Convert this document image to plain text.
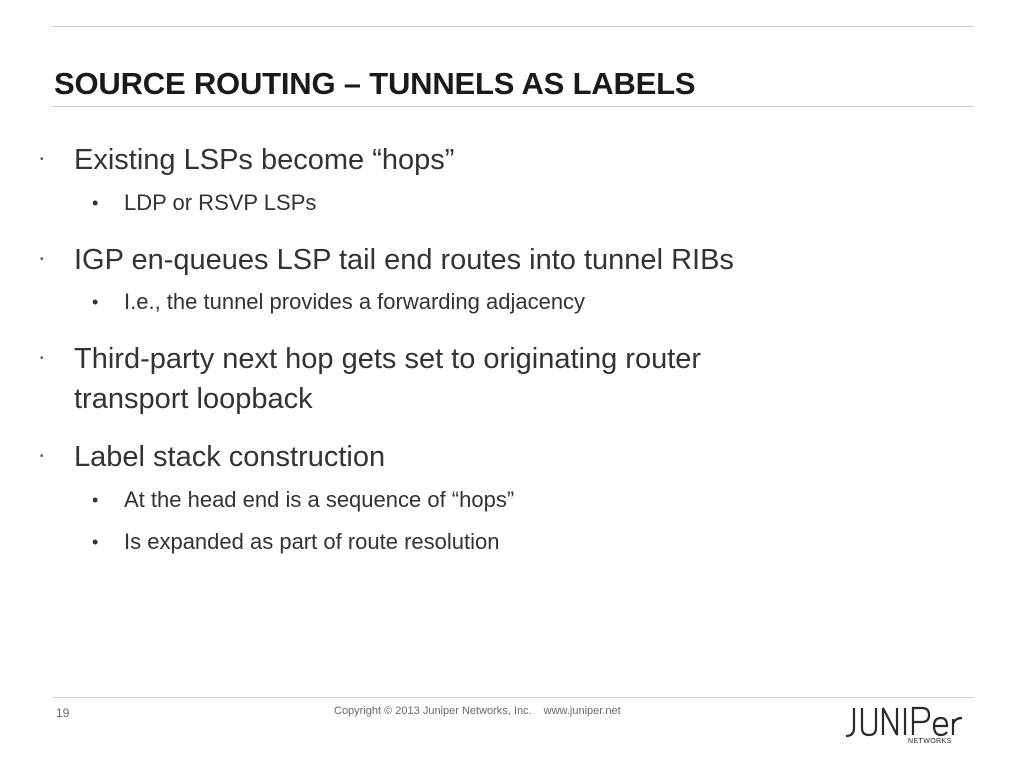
SOURCE ROUTING – TUNNELS AS LABELS
• Existing LSPs become “hops”
• LDP or RSVP LSPs
• IGP en-queues LSP tail end routes into tunnel RIBs
• I.e., the tunnel provides a forwarding adjacency
• Third-party next hop gets set to originating router
transport loopback
• Label stack construction
• At the head end is a sequence of “hops”
• Is expanded as part of route resolution
19	Copyright © 2013 Juniper Networks, Inc. www.juniper.net
NETWORKS
